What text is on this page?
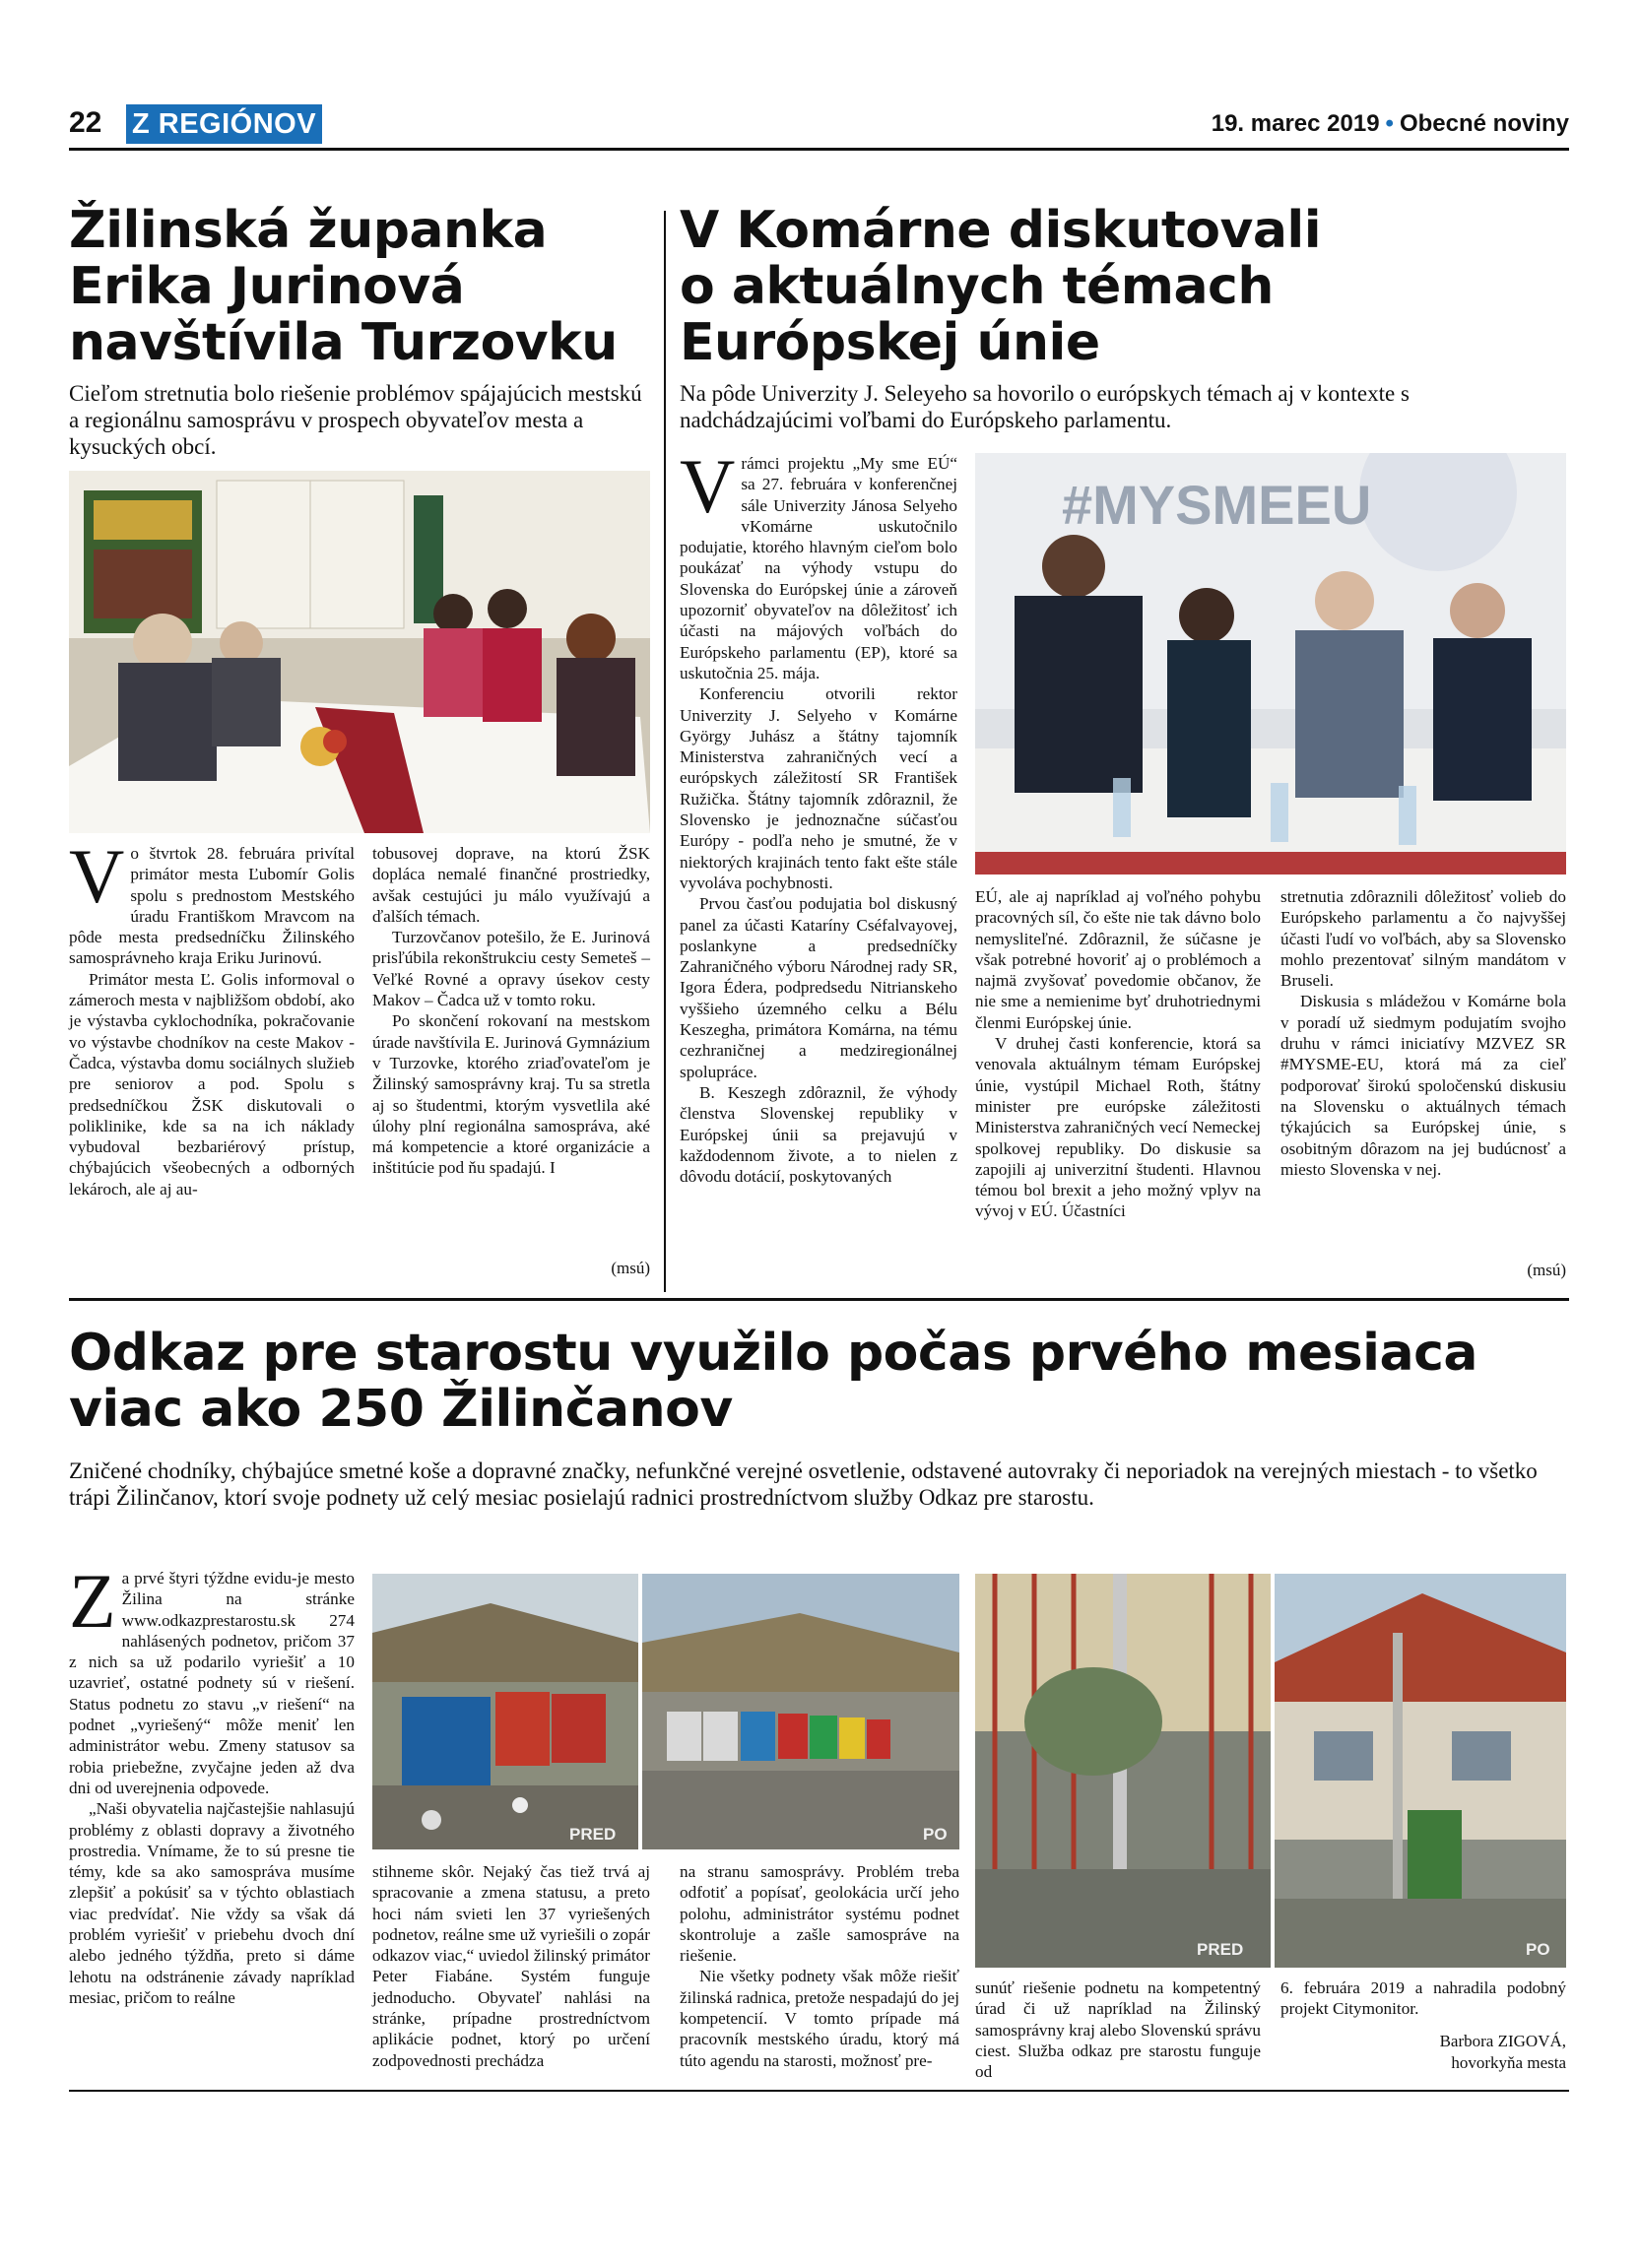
22 Z REGIÓNOV	19. marec 2019 • Obecné noviny
Žilinská županka
Erika Jurinová
navštívila Turzovku
Cieľom stretnutia bolo riešenie problémov spájajúcich mestskú a regionálnu samosprávu v prospech obyvateľov mesta a kysuckých obcí.

Vo štvrtok 28. februára privítal primátor mesta Ľubomír Golis spolu s prednostom Mestského úradu Františkom Mravcom na pôde mesta predsedníčku Žilinského samosprávneho kraja Eriku Jurinovú.

Primátor mesta Ľ. Golis informoval o zámeroch mesta v najbližšom období, ako je výstavba cyklochodníka, pokračovanie vo výstavbe chodníkov na ceste Makov - Čadca, výstavba domu sociálnych služieb pre seniorov a pod. Spolu s predsedníčkou ŽSK diskutovali o poliklinike, kde sa na ich náklady vybudoval bezbariérový prístup, chýbajúcich všeobecných a odborných lekároch, ale aj au-

tobusovej doprave, na ktorú ŽSK dopláca nemalé finančné prostriedky, avšak cestujúci ju málo využívajú a ďalších témach.

Turzovčanov potešilo, že E. Jurinová prisľúbila rekonštrukciu cesty Semeteš – Veľké Rovné a opravy úsekov cesty Makov – Čadca už v tomto roku.

Po skončení rokovaní na mestskom úrade navštívila E. Jurinová Gymnázium v Turzovke, ktorého zriaďovateľom je Žilinský samosprávny kraj. Tu sa stretla aj so študentmi, ktorým vysvetlila aké úlohy plní regionálna samospráva, aké má kompetencie a ktoré organizácie a inštitúcie pod ňu spadajú. I

(msú)
V Komárne diskutovali
o aktuálnych témach
Európskej únie
Na pôde Univerzity J. Seleyeho sa hovorilo o európskych témach aj v kontexte s nadchádzajúcimi voľbami do Európskeho parlamentu.
#MYSMEEU

Vrámci projektu „My sme EÚ“ sa 27. februára v konferenčnej sále Univerzity Jánosa Selyeho vKomárne uskutočnilo podujatie, ktorého hlavným cieľom bolo poukázať na výhody vstupu do Slovenska do Európskej únie a zároveň upozorniť obyvateľov na dôležitosť ich účasti na májových voľbách do Európskeho parlamentu (EP), ktoré sa uskutočnia 25. mája.

Konferenciu otvorili rektor Univerzity J. Selyeho v Komárne György Juhász a štátny tajomník Ministerstva zahraničných vecí a európskych záležitostí SR František Ružička. Štátny tajomník zdôraznil, že Slovensko je jednoznačne súčasťou Európy - podľa neho je smutné, že v niektorých krajinách tento fakt ešte stále vyvoláva pochybnosti.

Prvou časťou podujatia bol diskusný panel za účasti Kataríny Cséfalvayovej, poslankyne a predsedníčky Zahraničného výboru Národnej rady SR, Igora Édera, podpredsedu Nitrianskeho vyššieho územného celku a Bélu Keszegha, primátora Komárna, na tému cezhraničnej a medziregionálnej spolupráce.

B. Keszegh zdôraznil, že výhody členstva Slovenskej republiky v Európskej únii sa prejavujú v každodennom živote, a to nielen z dôvodu dotácií, poskytovaných

EÚ, ale aj napríklad aj voľného pohybu pracovných síl, čo ešte nie tak dávno bolo nemysliteľné. Zdôraznil, že súčasne je však potrebné hovoriť aj o problémoch a najmä zvyšovať povedomie občanov, že nie sme a nemienime byť druhotriednymi členmi Európskej únie.

V druhej časti konferencie, ktorá sa venovala aktuálnym témam Európskej únie, vystúpil Michael Roth, štátny minister pre európske záležitosti Ministerstva zahraničných vecí Nemeckej spolkovej republiky. Do diskusie sa zapojili aj univerzitní študenti. Hlavnou témou bol brexit a jeho možný vplyv na vývoj v EÚ. Účastníci

stretnutia zdôraznili dôležitosť volieb do Európskeho parlamentu a čo najvyššej účasti ľudí vo voľbách, aby sa Slovensko mohlo prezentovať silným mandátom v Bruseli.

Diskusia s mládežou v Komárne bola v poradí už siedmym podujatím svojho druhu v rámci iniciatívy MZVEZ SR #MYSME-EU, ktorá má za cieľ podporovať širokú spoločenskú diskusiu na Slovensku o aktuálnych témach týkajúcich sa Európskej únie, s osobitným dôrazom na jej budúcnosť a miesto Slovenska v nej.

(msú)
Odkaz pre starostu využilo počas prvého mesiaca
viac ako 250 Žilinčanov
Zničené chodníky, chýbajúce smetné koše a dopravné značky, nefunkčné verejné osvetlenie, odstavené autovraky či neporiadok na verejných miestach - to všetko trápi Žilinčanov, ktorí svoje podnety už celý mesiac posielajú radnici prostredníctvom služby Odkaz pre starostu.
PRED	PO
PRED	PO

Za prvé štyri týždne evidu-je mesto Žilina na stránke www.odkazprestarostu.sk 274 nahlásených podnetov, pričom 37 z nich sa už podarilo vyriešiť a 10 uzavrieť, ostatné podnety sú v riešení. Status podnetu zo stavu „v riešení“ na podnet „vyriešený“ môže meniť len administrátor webu. Zmeny statusov sa robia priebežne, zvyčajne jeden až dva dni od uverejnenia odpovede.

„Naši obyvatelia najčastejšie nahlasujú problémy z oblasti dopravy a životného prostredia. Vnímame, že to sú presne tie témy, kde sa ako samospráva musíme zlepšiť a pokúsiť sa v týchto oblastiach viac predvídať. Nie vždy sa však dá problém vyriešiť v priebehu dvoch dní alebo jedného týždňa, preto si dáme lehotu na odstránenie závady napríklad mesiac, pričom to reálne

stihneme skôr. Nejaký čas tiež trvá aj spracovanie a zmena statusu, a preto hoci nám svieti len 37 vyriešených podnetov, reálne sme už vyriešili o zopár odkazov viac,“ uviedol žilinský primátor Peter Fiabáne. Systém funguje jednoducho. Obyvateľ nahlási na stránke, prípadne prostredníctvom aplikácie podnet, ktorý po určení zodpovednosti prechádza

na stranu samosprávy. Problém treba odfotiť a popísať, geolokácia určí jeho polohu, administrátor systému podnet skontroluje a zašle samospráve na riešenie.

Nie všetky podnety však môže riešiť žilinská radnica, pretože nespadajú do jej kompetencií. V tomto prípade má pracovník mestského úradu, ktorý má túto agendu na starosti, možnosť pre-

sunúť riešenie podnetu na kompetentný úrad či už napríklad na Žilinský samosprávny kraj alebo Slovenskú správu ciest. Služba odkaz pre starostu funguje od

6. februára 2019 a nahradila podobný projekt Citymonitor.

Barbora ZIGOVÁ,
hovorkyňa mesta
